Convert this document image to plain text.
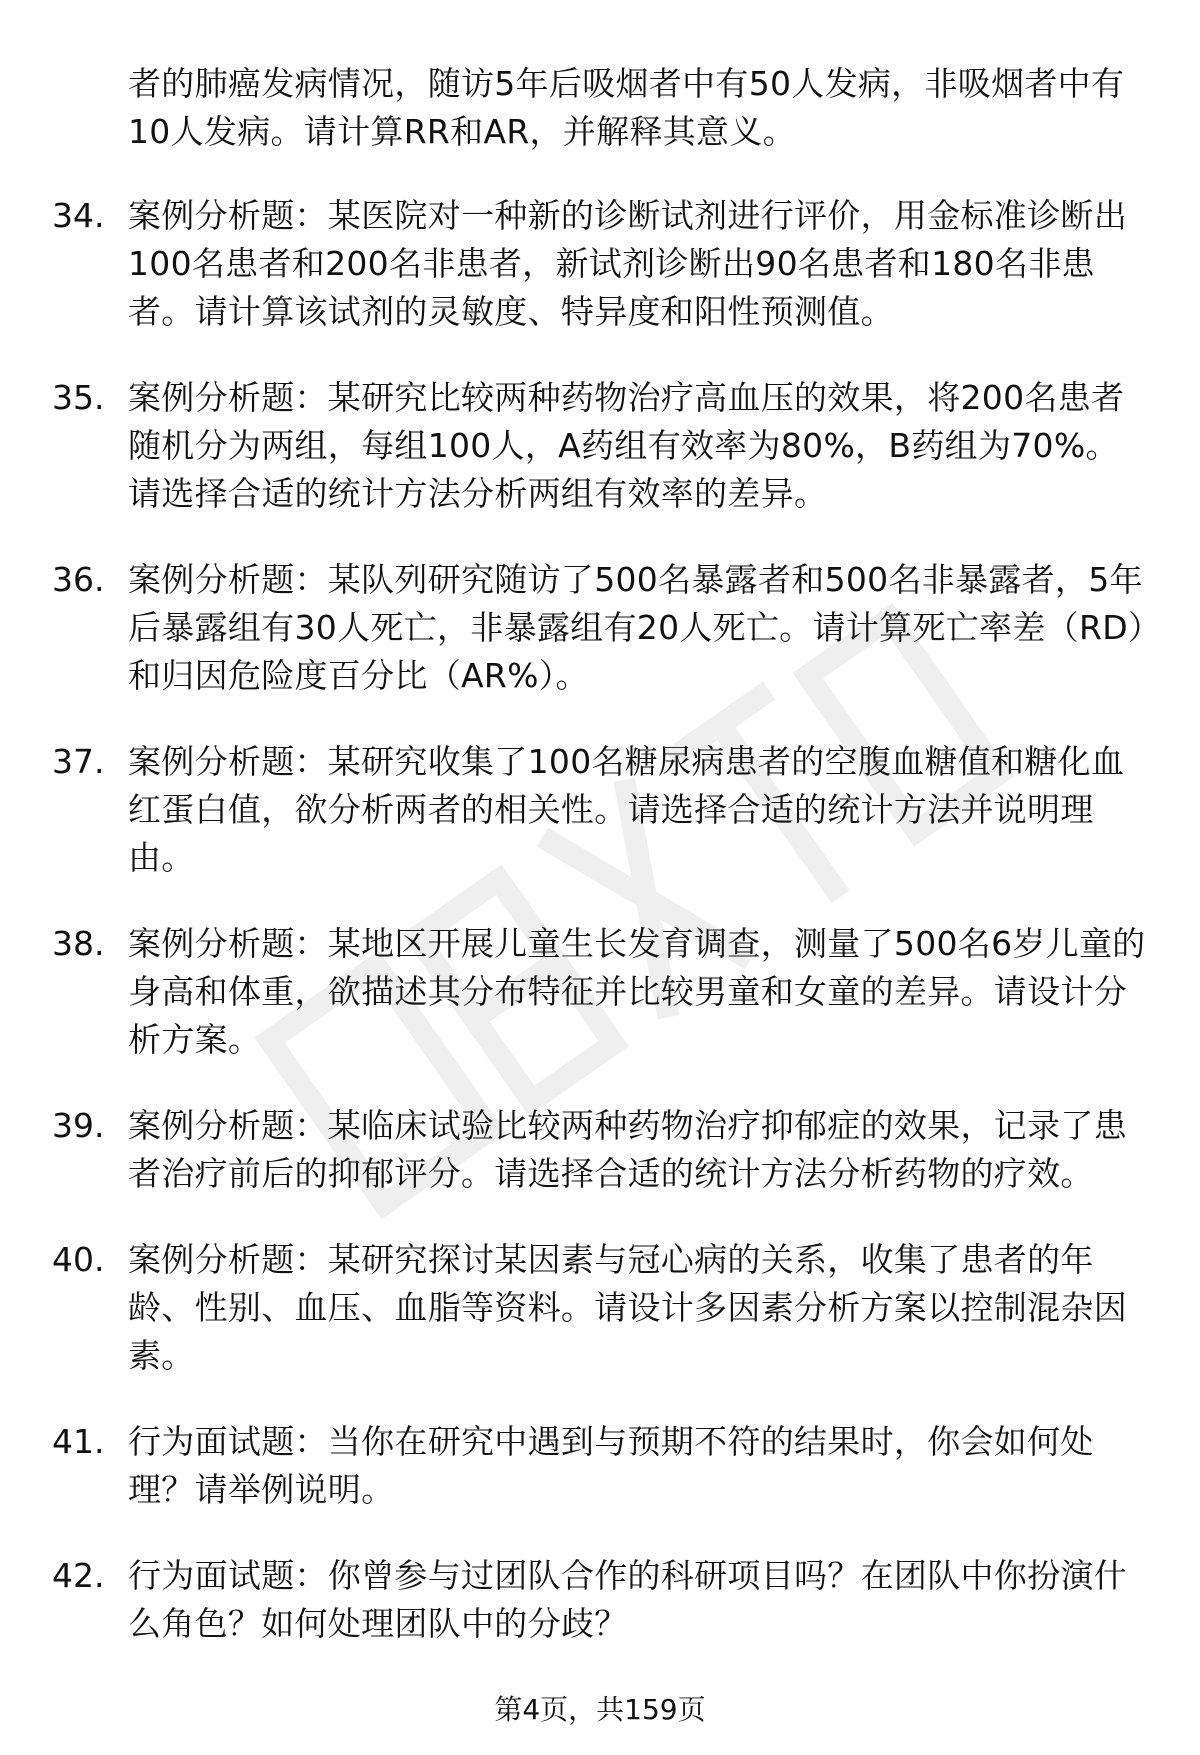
者的肺癌发病情况，随访5年后吸烟者中有50人发病，非吸烟者中有10人发病。请计算RR和AR，并解释其意义。
34. 案例分析题：某医院对一种新的诊断试剂进行评价，用金标准诊断出100名患者和200名非患者，新试剂诊断出90名患者和180名非患者。请计算该试剂的灵敏度、特异度和阳性预测值。
35. 案例分析题：某研究比较两种药物治疗高血压的效果，将200名患者随机分为两组，每组100人，A药组有效率为80%，B药组为70%。请选择合适的统计方法分析两组有效率的差异。
36. 案例分析题：某队列研究随访了500名暴露者和500名非暴露者，5年后暴露组有30人死亡，非暴露组有20人死亡。请计算死亡率差（RD）和归因危险度百分比（AR%）。
37. 案例分析题：某研究收集了100名糖尿病患者的空腹血糖值和糖化血红蛋白值，欲分析两者的相关性。请选择合适的统计方法并说明理由。
38. 案例分析题：某地区开展儿童生长发育调查，测量了500名6岁儿童的身高和体重，欲描述其分布特征并比较男童和女童的差异。请设计分析方案。
39. 案例分析题：某临床试验比较两种药物治疗抑郁症的效果，记录了患者治疗前后的抑郁评分。请选择合适的统计方法分析药物的疗效。
40. 案例分析题：某研究探讨某因素与冠心病的关系，收集了患者的年龄、性别、血压、血脂等资料。请设计多因素分析方案以控制混杂因素。
41. 行为面试题：当你在研究中遇到与预期不符的结果时，你会如何处理？请举例说明。
42. 行为面试题：你曾参与过团队合作的科研项目吗？在团队中你扮演什么角色？如何处理团队中的分歧？
第4页，共159页
